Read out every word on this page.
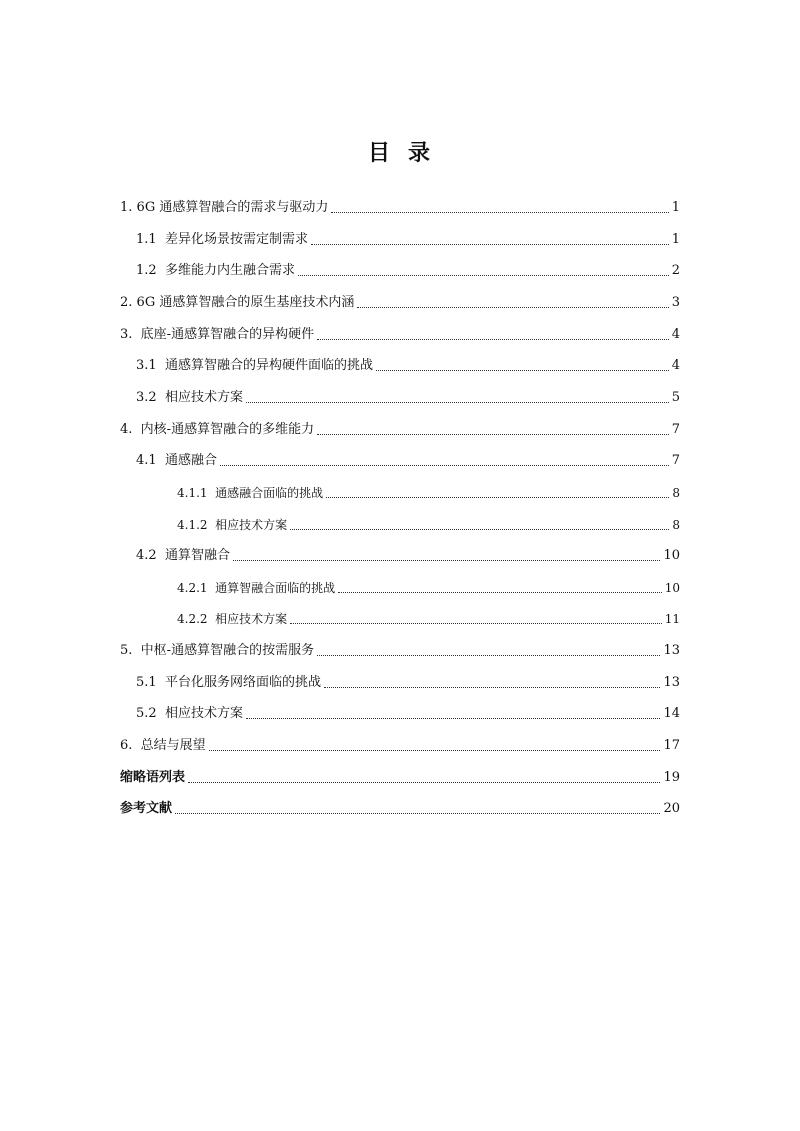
目 录
1. 6G 通感算智融合的需求与驱动力	1
1.1 差异化场景按需定制需求	1
1.2 多维能力内生融合需求	2
2. 6G 通感算智融合的原生基座技术内涵	3
3. 底座-通感算智融合的异构硬件	4
3.1 通感算智融合的异构硬件面临的挑战	4
3.2 相应技术方案	5
4. 内核-通感算智融合的多维能力	7
4.1 通感融合	7
4.1.1 通感融合面临的挑战	8
4.1.2 相应技术方案	8
4.2 通算智融合	10
4.2.1 通算智融合面临的挑战	10
4.2.2 相应技术方案	11
5. 中枢-通感算智融合的按需服务	13
5.1 平台化服务网络面临的挑战	13
5.2 相应技术方案	14
6. 总结与展望	17
缩略语列表	19
参考文献	20
